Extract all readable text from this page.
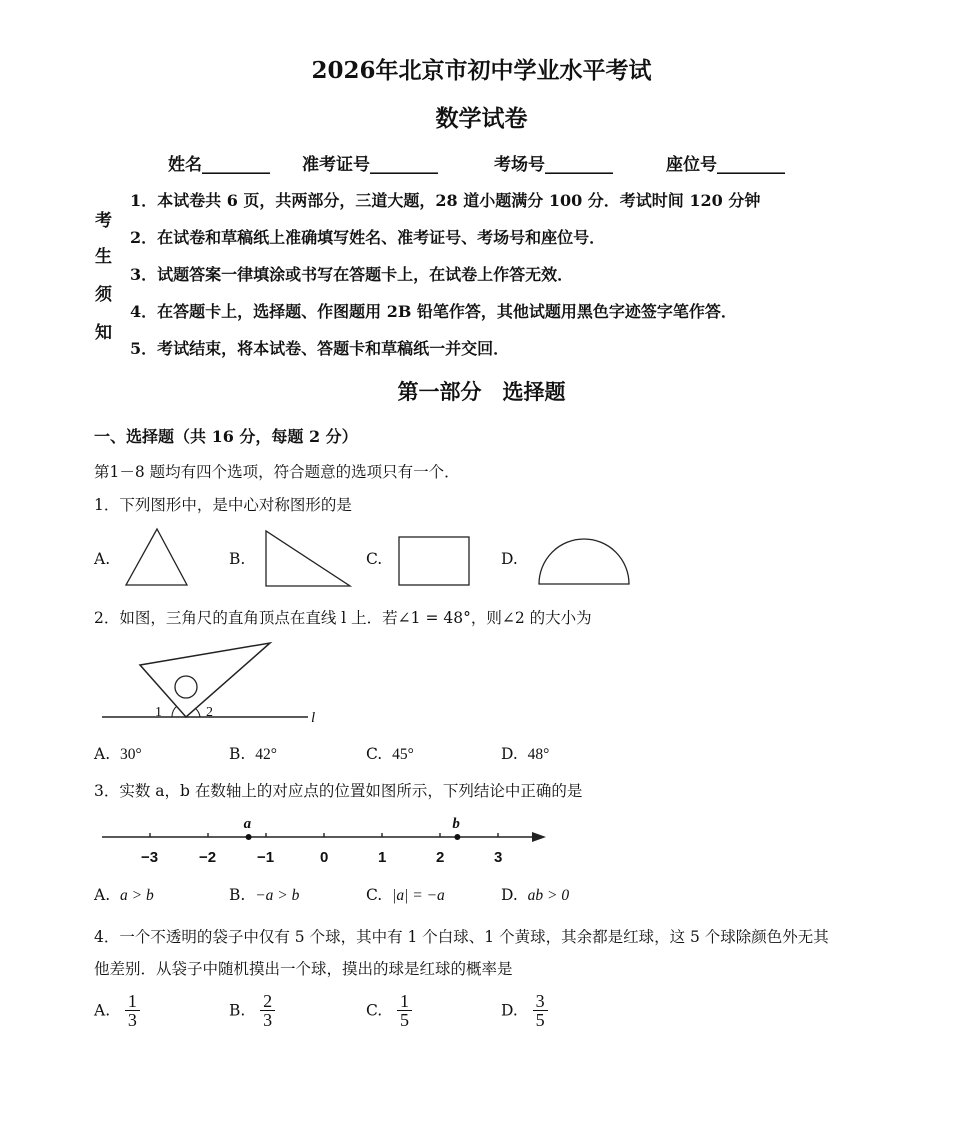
2026年北京市初中学业水平考试
数学试卷
姓名________ 准考证号________	考场号________	座位号________
考
生
须
知
1．本试卷共 6 页，共两部分，三道大题，28 道小题满分 100 分．考试时间 120 分钟
2．在试卷和草稿纸上准确填写姓名、准考证号、考场号和座位号．
3．试题答案一律填涂或书写在答题卡上，在试卷上作答无效．
4．在答题卡上，选择题、作图题用 2B 铅笔作答，其他试题用黑色字迹签字笔作答．
5．考试结束，将本试卷、答题卡和草稿纸一并交回．
第一部分　选择题
一、选择题（共 16 分，每题 2 分）
第1－8 题均有四个选项，符合题意的选项只有一个．
1．下列图形中，是中心对称图形的是
A.	B.	C.	D.
2．如图，三角尺的直角顶点在直线 l 上．若∠1 = 48°，则∠2 的大小为
1	2	l
A. 30°	B. 42°	C. 45°	D. 48°
3．实数 a，b 在数轴上的对应点的位置如图所示，下列结论中正确的是
−3	−2	−1	0	1	2	3
a	b
A. a > b	B. −a > b	C. |a| = −a	D. ab > 0
4．一个不透明的袋子中仅有 5 个球，其中有 1 个白球、1 个黄球，其余都是红球，这 5 个球除颜色外无其
他差别．从袋子中随机摸出一个球，摸出的球是红球的概率是
A. $\frac{1}{3}$	B. $\frac{2}{3}$	C. $\frac{1}{5}$	D. $\frac{3}{5}$
